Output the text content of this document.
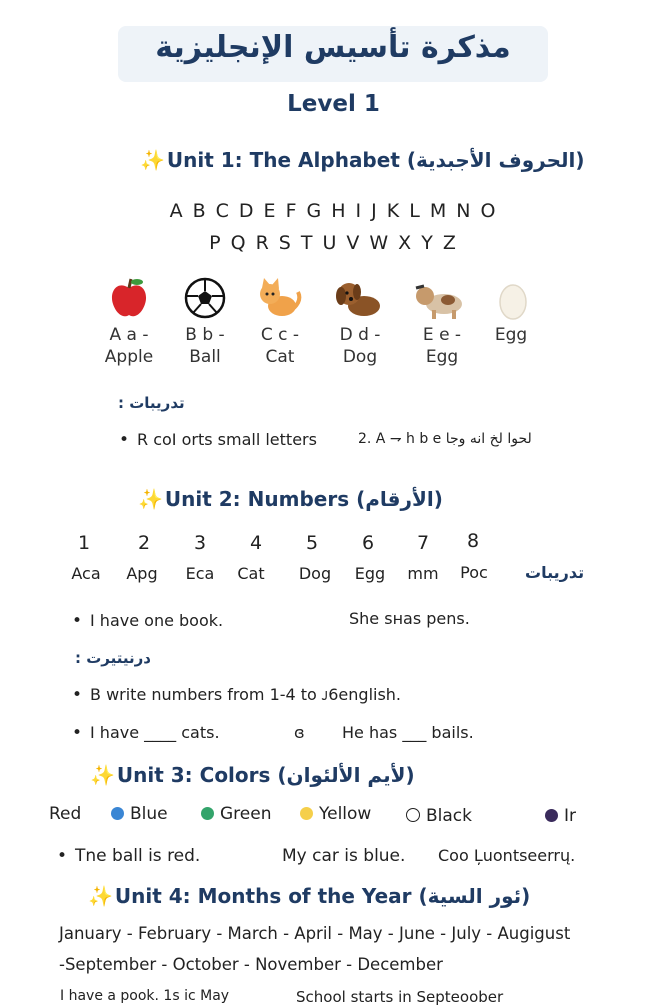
مذكرة تأسيس الإنجليزية
Level 1
✨ Unit 1: The Alphabet (الحروف الأجبدية)
A B C D E F G H I J K L M N O
P Q R S T U V W X Y Z
A a -
Apple
B b -
Ball
C c -
Cat
D d -
Dog
E e -
Egg
Egg
تدريبات :
• R coI orts small letters	2. A ⇁ h b e لحوا لخ انه وجا
✨ Unit 2: Numbers (الأرقام)
1	2	3	4	5	6	7	8
Aca	Apg	Eca	Cat	Dog	Egg	mm	Poc	تدريبات
• I have one book.	She sнas pens.
درنيتيرت :
• B write numbers from 1-4 to ᴊ6english.
• I have ____ cats.	ɞ He has ___ bails.
✨ Unit 3: Colors (لأيم الألئوان)
Red	Blue	Green	Yellow	Black	Ir
• Tne ball is red.	My car is blue. Coo Ļuontseerrų.
✨ Unit 4: Months of the Year (ئور السية)
January - February - March - April - May - June - July - Augigust
-September - October - November - December
I have a pook. 1s ic May	School starts in Septeoober
